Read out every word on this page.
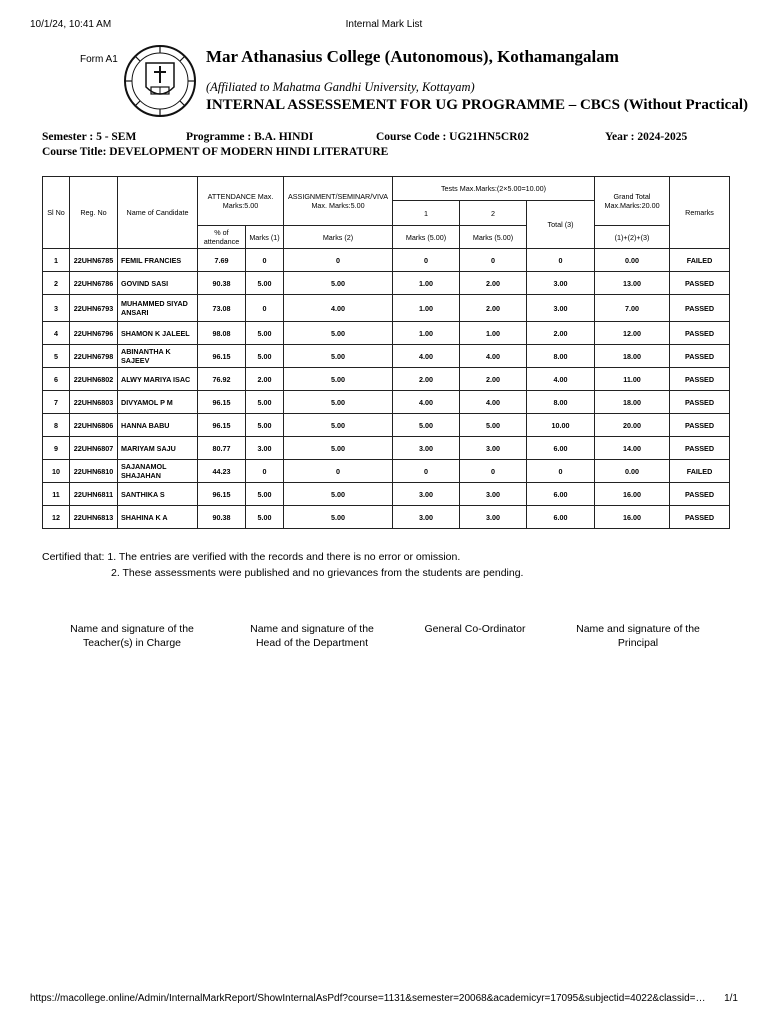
10/1/24, 10:41 AM	Internal Mark List
Form A1	Mar Athanasius College (Autonomous), Kothamangalam
(Affiliated to Mahatma Gandhi University, Kottayam)
INTERNAL ASSESSEMENT FOR UG PROGRAMME – CBCS (Without Practical)
Semester : 5 - SEM	Programme : B.A. HINDI	Course Code : UG21HN5CR02	Year : 2024-2025
Course Title: DEVELOPMENT OF MODERN HINDI LITERATURE
Sl No	Reg. No	Name of Candidate	ATTENDANCE Max. Marks:5.00		ASSIGNMENT/SEMINAR/VIVA Max. Marks:5.00	Tests Max.Marks:(2×5.00=10.00)			Grand Total Max.Marks:20.00	Remarks
						1	2	Total (3)		
			% of attendance	Marks (1)	Marks (2)	Marks (5.00)	Marks (5.00)		(1)+(2)+(3)	
1	22UHN6785	FEMIL FRANCIES	7.69	0	0	0	0	0	0.00	FAILED
2	22UHN6786	GOVIND SASI	90.38	5.00	5.00	1.00	2.00	3.00	13.00	PASSED
3	22UHN6793	MUHAMMED SIYAD ANSARI	73.08	0	4.00	1.00	2.00	3.00	7.00	PASSED
4	22UHN6796	SHAMON K JALEEL	98.08	5.00	5.00	1.00	1.00	2.00	12.00	PASSED
5	22UHN6798	ABINANTHA K SAJEEV	96.15	5.00	5.00	4.00	4.00	8.00	18.00	PASSED
6	22UHN6802	ALWY MARIYA ISAC	76.92	2.00	5.00	2.00	2.00	4.00	11.00	PASSED
7	22UHN6803	DIVYAMOL P M	96.15	5.00	5.00	4.00	4.00	8.00	18.00	PASSED
8	22UHN6806	HANNA BABU	96.15	5.00	5.00	5.00	5.00	10.00	20.00	PASSED
9	22UHN6807	MARIYAM SAJU	80.77	3.00	5.00	3.00	3.00	6.00	14.00	PASSED
10	22UHN6810	SAJANAMOL SHAJAHAN	44.23	0	0	0	0	0	0.00	FAILED
11	22UHN6811	SANTHIKA S	96.15	5.00	5.00	3.00	3.00	6.00	16.00	PASSED
12	22UHN6813	SHAHINA K A	90.38	5.00	5.00	3.00	3.00	6.00	16.00	PASSED
Certified that: 1. The entries are verified with the records and there is no error or omission.
2. These assessments were published and no grievances from the students are pending.
Name and signature of the
Teacher(s) in Charge
Name and signature of the
Head of the Department
General Co-Ordinator	Name and signature of the
Principal
https://macollege.online/Admin/InternalMarkReport/ShowInternalAsPdf?course=1131&semester=20068&academicyr=17095&subjectid=4022&classid=…	1/1
